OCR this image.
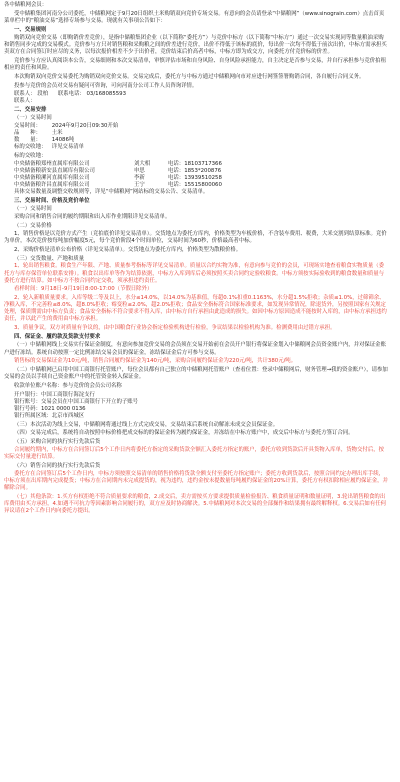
各中储粮网会员：
受中储粮集团河南分公司委托，中储粮网定于9月20日组织土米购销双向竞价专场交易。有意向的会员请登录“中储粮网”（www.sinograin.com）点击首页菜单栏中的“粮油交易”选择专场参与交易。现就有关事项公告如下：
一、交易规则
购销双向竞价交易（即购销价差竞价），是指中储粮集团企业（以下简称“委托方”）与竞价中标方（以下简称“中标方”）通过一次交易实现同等数量粮油采购和销售同步完成的交易模式。竞价参与方只对销售粮和采购粮之间的价差进行竞价，出价不得低于该标的底价，每出价一次均不得低于前次出价，中标方需承担买卖双方在合同签订时应尽的义务，以每次报价相差不少于出价者，竞价结束后价高者中标，中标方即为成交方，向委托方付竞价标的价差。
竞价参与方应认真阅读本公告，交易细则和本次交易清单，审慎评估市场和自身风险、自身风险承担能力，自主决定是否参与交易，并自行承担参与竞价拍租相应的责任和风险。
本次购销双向竞价交易委托为购销双向竞价交易。交易完成后，委托方与中标方通过中储粮网向市对应进行网签签署购销合同，各自履行合同义务。
投参与竞价的会员对交易有疑问可咨询，可向河南分公司工作人员咨询详情。
联系人： 段柏 联系电话： 03/168085593
联系人：
二、交易安排
（一）交易时间
交易时间： 2024年9月20日09:30开始
品　　种： 土米
数　　量： 14086吨
标的交收地： 详见交易清单
标的交收地：
中央储备粮郑州直属库有限公司	刘大相	电话：	18103717366
中央储备粮新安县直属库有限公司	申思	电话：	1853*200876
中央储备粮漯河直属库有限公司	李新	电话：	13939510258
中央储备粮许昌直属库有限公司	王宁	电话：	15515800060
具体交易数量及调整交收规则等，详见“中储粮网”网站标的交易公告、交易清单。
三、交易时间、价格及竞价单位
（一）交易时间
采购合同和销售合同的履约期限和出入库作业期限详见交易清单。
（二）交易价格
1、销售价格是以竞价方式产生（竞拍底价详见交易清单）。交货地点为委托方库内，价格类型为车板价格，不含装车费用、税费，大米交割到结算标准。竞价为单价，本次竞价按每吨加价幅度5元，每个竞价阶段4个时间单位，交易时间为60秒，价格最高者中标。
2、采购价格是清单公布价格（详见交易清单）。交货地点为委托方库内，价格类型为散粮价格。
（三）交货数量、产地和质量
1、轮出销售粮食。粮食生产年限、产地、质量参考指标等详见交易清单。质量以合约实物为准，有意向参与竞价的会员，可现场实地查看粮食实物质量（委托方与库存保管单位联系安排）。粮食以出库单等作为结算依据，中标方入库到库后必须按照买卖合同约定验收粮食。中标方须按实际验收到的粮食数量和质量与委托方进行结算。如中标方不按合同约定交收，须承担违约责任。
看样时间：9月18日-9月19日8:00-17:00（节假日除外）
2、轮入新粮质量要求。入库等级二等及以上，水分≤14.0%，以14.0%为基准值，每超0.1%扣重0.1163%，水分超1.5%拒收；杂质≤1.0%，过筛筛余、净粮入库，不完善粒≤8.0%，超8.0%拒收；霉变粒≤2.0%，超2.0%拒收；食品安全指标符合国家标准要求，如发现异常情况，除退货外，另按照国家有关规定处理，保质期需由中标方负责；食品安全指标不符合要求不得入库，由中标方自行承担由此造成的损失。如因中标方原因造成不能按时入库的，由中标方承担违约责任，并以此产生的费用由中标方承担。
3、质量争议。双方对质量有争议的，由中国粮食行业协会指定检验机构进行检验，争议结果以检验机构为准。检测费用由过错方承担。
四、保证金、履约款及货款支付要求
（一）中储粮网线上交易实行保证金制度，有意向参加竞价交易的会员须在交易开始前在会员开户银行将保证金划入中储粮网会员资金账户内，并对保证金账户进行冻结。系统自动按照一定比例冻结交易会员的保证金，冻结保证金后方可参与交易。
销售标的交易保证金为10元/吨，销售合同履约保证金为140元/吨，采购合同履约保证金为220元/吨，共计380元/吨。
（二）中储粮网已启用中国工商银行托管账户，每位会员都有自己独立的中储粮网托管账户（查看位置：登录中储粮网后，财务管理→我的资金账户），请参加交易的会员以手续自己资金账户中的托管资金转入保证金。
收款单位账户名称：参与竞价的会员公司名称
开户银行：中国工商银行海淀支行
银行账号：交易会员在中国工商银行下开立的子账号
银行号码：1021 0000 0136
银行所属区域：北京市西城区
（三）本次活动为线上交易，中储粮网将通过线上方式完成交易，交易结束后系统自动解冻未成交会员保证金。
（四）交易完成后，系统将自动按照中标价格把成交标的的保证金转为履约保证金，并冻结在中标方账户中，成交后中标方与委托方签订合同。
（五）采购合同的执行实行先款后货
合同履约期内，中标方在合同签订后5个工作日内将委托方指定的采购货款全额汇入委托方指定的账户，委托方收到货款后开具货物入库单，货物交付后，按实际交付量进行结算。
（六）销售合同的执行实行先款后货
委托方在合同签订后5个工作日内，中标方须按照交易清单的销售价格将货款全额支付至委托方指定账户；委托方收到货款后，按照合同约定办理出库手续，中标方须在出库期内完成提货；中标方在合同期内未完成提货的，视为违约，违约金按未提数量每吨履约保证金的20%计算，委托方有权扣除相应履约保证金，并解除合同。
（七）其他条款：1.买方有权拒绝不符合质量要求的粮食，2.成交后，卖方需按买方要求提供质量检验报告、粮食质量证明和数量证明，3.轮出销售粮食的出库费用由买方承担，4.如遇不可抗力等因素影响合同履行的，双方应及时协商解决。5.中储粮网对本次交易的全部操作和结果拥有最终解释权。6.交易后如有任何异议请在2个工作日内向委托方提出。
